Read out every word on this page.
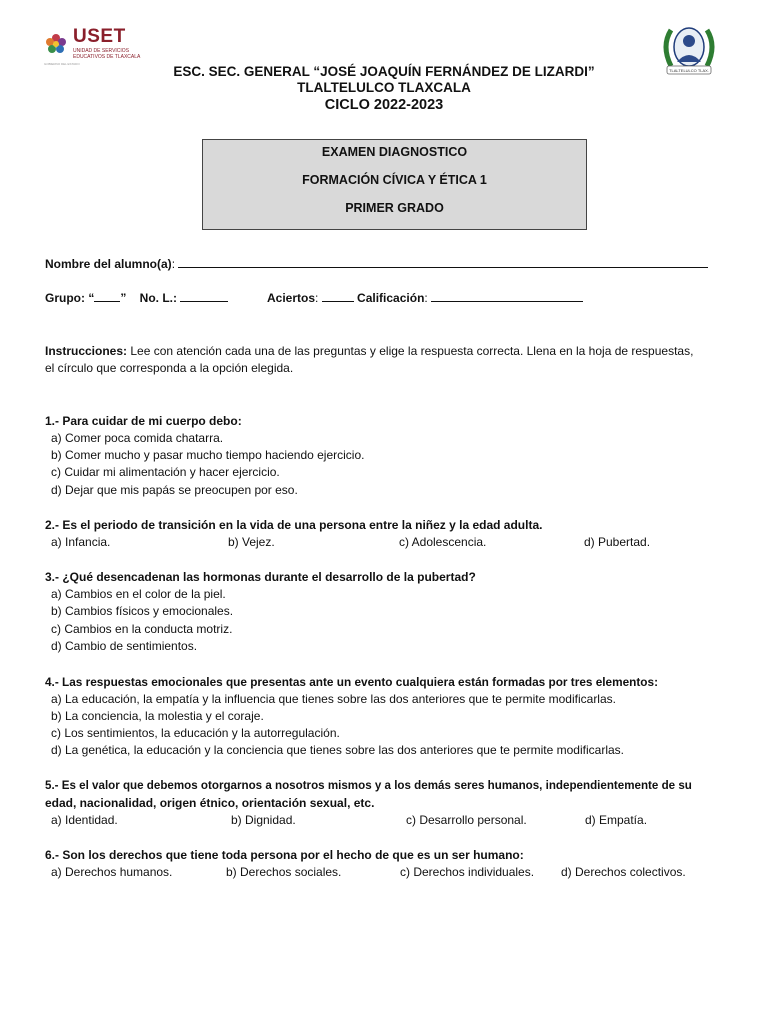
USET
UNIDAD DE SERVICIOS EDUCATIVOS DE TLAXCALA
GOBIERNO DEL ESTADO
TLALTELULCO TLAX.
ESC. SEC. GENERAL “JOSÉ JOAQUÍN FERNÁNDEZ DE LIZARDI”
TLALTELULCO TLAXCALA
CICLO 2022-2023
EXAMEN DIAGNOSTICO
FORMACIÓN CÍVICA Y ÉTICA 1
PRIMER GRADO
Nombre del alumno(a):
Grupo: “ ” No. L.:	Aciertos:	Calificación:
Instrucciones: Lee con atención cada una de las preguntas y elige la respuesta correcta. Llena en la hoja de respuestas,
el círculo que corresponda a la opción elegida.
1.- Para cuidar de mi cuerpo debo:
a) Comer poca comida chatarra.
b) Comer mucho y pasar mucho tiempo haciendo ejercicio.
c) Cuidar mi alimentación y hacer ejercicio.
d) Dejar que mis papás se preocupen por eso.
2.- Es el periodo de transición en la vida de una persona entre la niñez y la edad adulta.
a) Infancia.	b) Vejez.	c) Adolescencia.	d) Pubertad.
3.- ¿Qué desencadenan las hormonas durante el desarrollo de la pubertad?
a) Cambios en el color de la piel.
b) Cambios físicos y emocionales.
c) Cambios en la conducta motriz.
d) Cambio de sentimientos.
4.- Las respuestas emocionales que presentas ante un evento cualquiera están formadas por tres elementos:
a) La educación, la empatía y la influencia que tienes sobre las dos anteriores que te permite modificarlas.
b) La conciencia, la molestia y el coraje.
c) Los sentimientos, la educación y la autorregulación.
d) La genética, la educación y la conciencia que tienes sobre las dos anteriores que te permite modificarlas.
5.- Es el valor que debemos otorgarnos a nosotros mismos y a los demás seres humanos, independientemente de su
edad, nacionalidad, origen étnico, orientación sexual, etc.
a) Identidad.	b) Dignidad.	c) Desarrollo personal.	d) Empatía.
6.- Son los derechos que tiene toda persona por el hecho de que es un ser humano:
a) Derechos humanos.	b) Derechos sociales.	c) Derechos individuales. d) Derechos colectivos.
